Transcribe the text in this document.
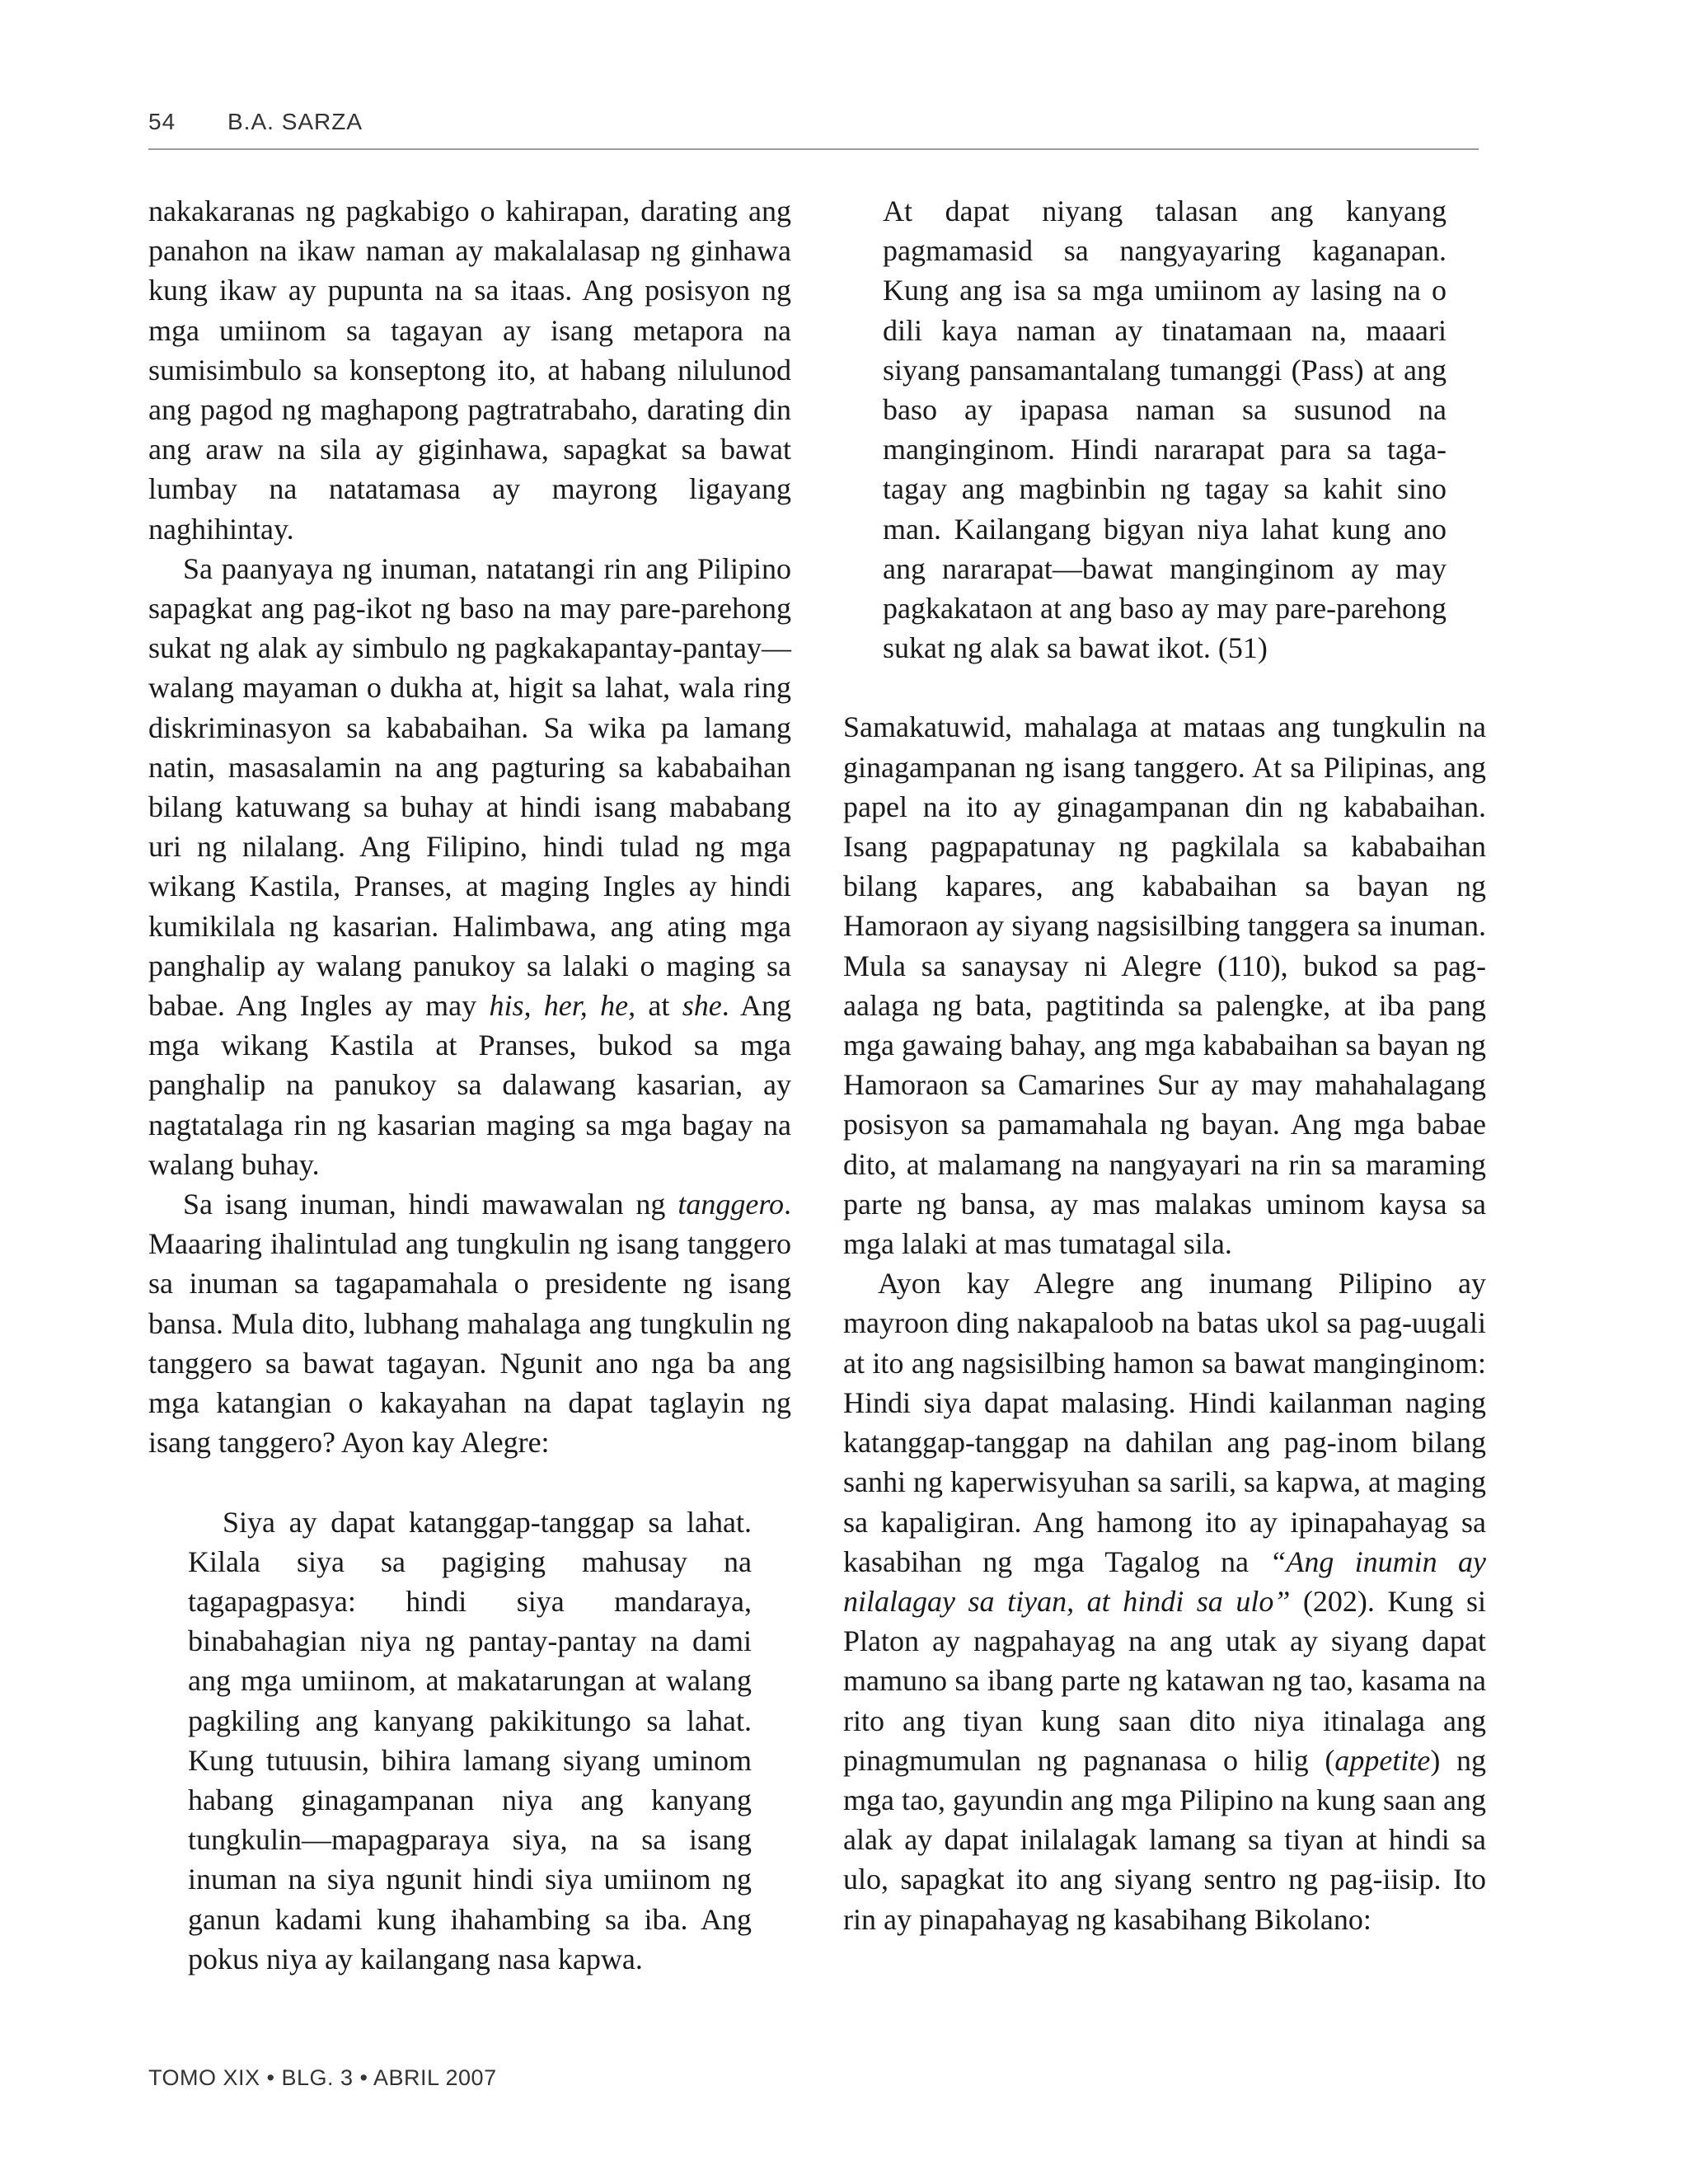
54 B.A. SARZA

nakakaranas ng pagkabigo o kahirapan, darating ang panahon na ikaw naman ay makalalasap ng ginhawa kung ikaw ay pupunta na sa itaas. Ang posisyon ng mga umiinom sa tagayan ay isang metapora na sumisimbulo sa konseptong ito, at habang nilulunod ang pagod ng maghapong pagtratrabaho, darating din ang araw na sila ay giginhawa, sapagkat sa bawat lumbay na natatamasa ay mayrong ligayang naghihintay.

Sa paanyaya ng inuman, natatangi rin ang Pilipino sapagkat ang pag-ikot ng baso na may pare-parehong sukat ng alak ay simbulo ng pagkakapantay-pantay—walang mayaman o dukha at, higit sa lahat, wala ring diskriminasyon sa kababaihan. Sa wika pa lamang natin, masasalamin na ang pagturing sa kababaihan bilang katuwang sa buhay at hindi isang mababang uri ng nilalang. Ang Filipino, hindi tulad ng mga wikang Kastila, Pranses, at maging Ingles ay hindi kumikilala ng kasarian. Halimbawa, ang ating mga panghalip ay walang panukoy sa lalaki o maging sa babae. Ang Ingles ay may his, her, he, at she. Ang mga wikang Kastila at Pranses, bukod sa mga panghalip na panukoy sa dalawang kasarian, ay nagtatalaga rin ng kasarian maging sa mga bagay na walang buhay.

Sa isang inuman, hindi mawawalan ng tanggero. Maaaring ihalintulad ang tungkulin ng isang tanggero sa inuman sa tagapamahala o presidente ng isang bansa. Mula dito, lubhang mahalaga ang tungkulin ng tanggero sa bawat tagayan. Ngunit ano nga ba ang mga katangian o kakayahan na dapat taglayin ng isang tanggero? Ayon kay Alegre:

Siya ay dapat katanggap-tanggap sa lahat. Kilala siya sa pagiging mahusay na tagapagpasya: hindi siya mandaraya, binabahagian niya ng pantay-pantay na dami ang mga umiinom, at makatarungan at walang pagkiling ang kanyang pakikitungo sa lahat. Kung tutuusin, bihira lamang siyang uminom habang ginagampanan niya ang kanyang tungkulin—mapagparaya siya, na sa isang inuman na siya ngunit hindi siya umiinom ng ganun kadami kung ihahambing sa iba. Ang pokus niya ay kailangang nasa kapwa.

At dapat niyang talasan ang kanyang pagmamasid sa nangyayaring kaganapan. Kung ang isa sa mga umiinom ay lasing na o dili kaya naman ay tinatamaan na, maaari siyang pansamantalang tumanggi (Pass) at ang baso ay ipapasa naman sa susunod na manginginom. Hindi nararapat para sa taga-tagay ang magbinbin ng tagay sa kahit sino man. Kailangang bigyan niya lahat kung ano ang nararapat—bawat manginginom ay may pagkakataon at ang baso ay may pare-parehong sukat ng alak sa bawat ikot. (51)

Samakatuwid, mahalaga at mataas ang tungkulin na ginagampanan ng isang tanggero. At sa Pilipinas, ang papel na ito ay ginagampanan din ng kababaihan. Isang pagpapatunay ng pagkilala sa kababaihan bilang kapares, ang kababaihan sa bayan ng Hamoraon ay siyang nagsisilbing tanggera sa inuman. Mula sa sanaysay ni Alegre (110), bukod sa pag-aalaga ng bata, pagtitinda sa palengke, at iba pang mga gawaing bahay, ang mga kababaihan sa bayan ng Hamoraon sa Camarines Sur ay may mahahalagang posisyon sa pamamahala ng bayan. Ang mga babae dito, at malamang na nangyayari na rin sa maraming parte ng bansa, ay mas malakas uminom kaysa sa mga lalaki at mas tumatagal sila.

Ayon kay Alegre ang inumang Pilipino ay mayroon ding nakapaloob na batas ukol sa pag-uugali at ito ang nagsisilbing hamon sa bawat manginginom: Hindi siya dapat malasing. Hindi kailanman naging katanggap-tanggap na dahilan ang pag-inom bilang sanhi ng kaperwisyuhan sa sarili, sa kapwa, at maging sa kapaligiran. Ang hamong ito ay ipinapahayag sa kasabihan ng mga Tagalog na “Ang inumin ay nilalagay sa tiyan, at hindi sa ulo” (202). Kung si Platon ay nagpahayag na ang utak ay siyang dapat mamuno sa ibang parte ng katawan ng tao, kasama na rito ang tiyan kung saan dito niya itinalaga ang pinagmumulan ng pagnanasa o hilig (appetite) ng mga tao, gayundin ang mga Pilipino na kung saan ang alak ay dapat inilalagak lamang sa tiyan at hindi sa ulo, sapagkat ito ang siyang sentro ng pag-iisip. Ito rin ay pinapahayag ng kasabihang Bikolano:

TOMO XIX • BLG. 3 • ABRIL 2007
